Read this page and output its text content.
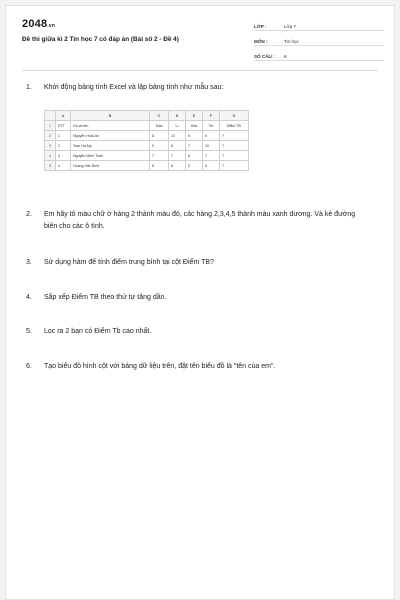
2048.vn
Đề thi giữa kì 2 Tin học 7 có đáp án (Bài số 2 - Đề 4)
LỚP :	Lớp 7
MÔN :	Tin học
SỐ CÂU :	6
1. Khởi động bảng tính Excel và lập bảng tính như mẫu sau:
	A	B	C	D	E	F	G
1	STT	Họ và tên	Toán	Lí	Hóa	Tin	Điểm TB
2	1	Nguyễn Hoài An	8	10	9	9	?
3	2	Trần Hà My	9	8	7	10	?
4	3	Nguyễn Minh Tuấn	7	7	6	7	?
5	4	Hoàng Văn Bình	6	8	9	8	?
2. Em hãy tô màu chữ ở hàng 2 thành màu đỏ, các hàng 2,3,4,5 thành màu xanh dương. Và kẻ đường biên cho các ô tính.
3. Sử dụng hàm để tính điểm trung bình tại cột Điểm TB?
4. Sắp xếp Điểm TB theo thứ tự tăng dần.
5. Lọc ra 2 bạn có Điểm Tb cao nhất.
6. Tạo biểu đồ hình cột với bảng dữ liệu trên, đặt tên biểu đồ là "tên của em".
